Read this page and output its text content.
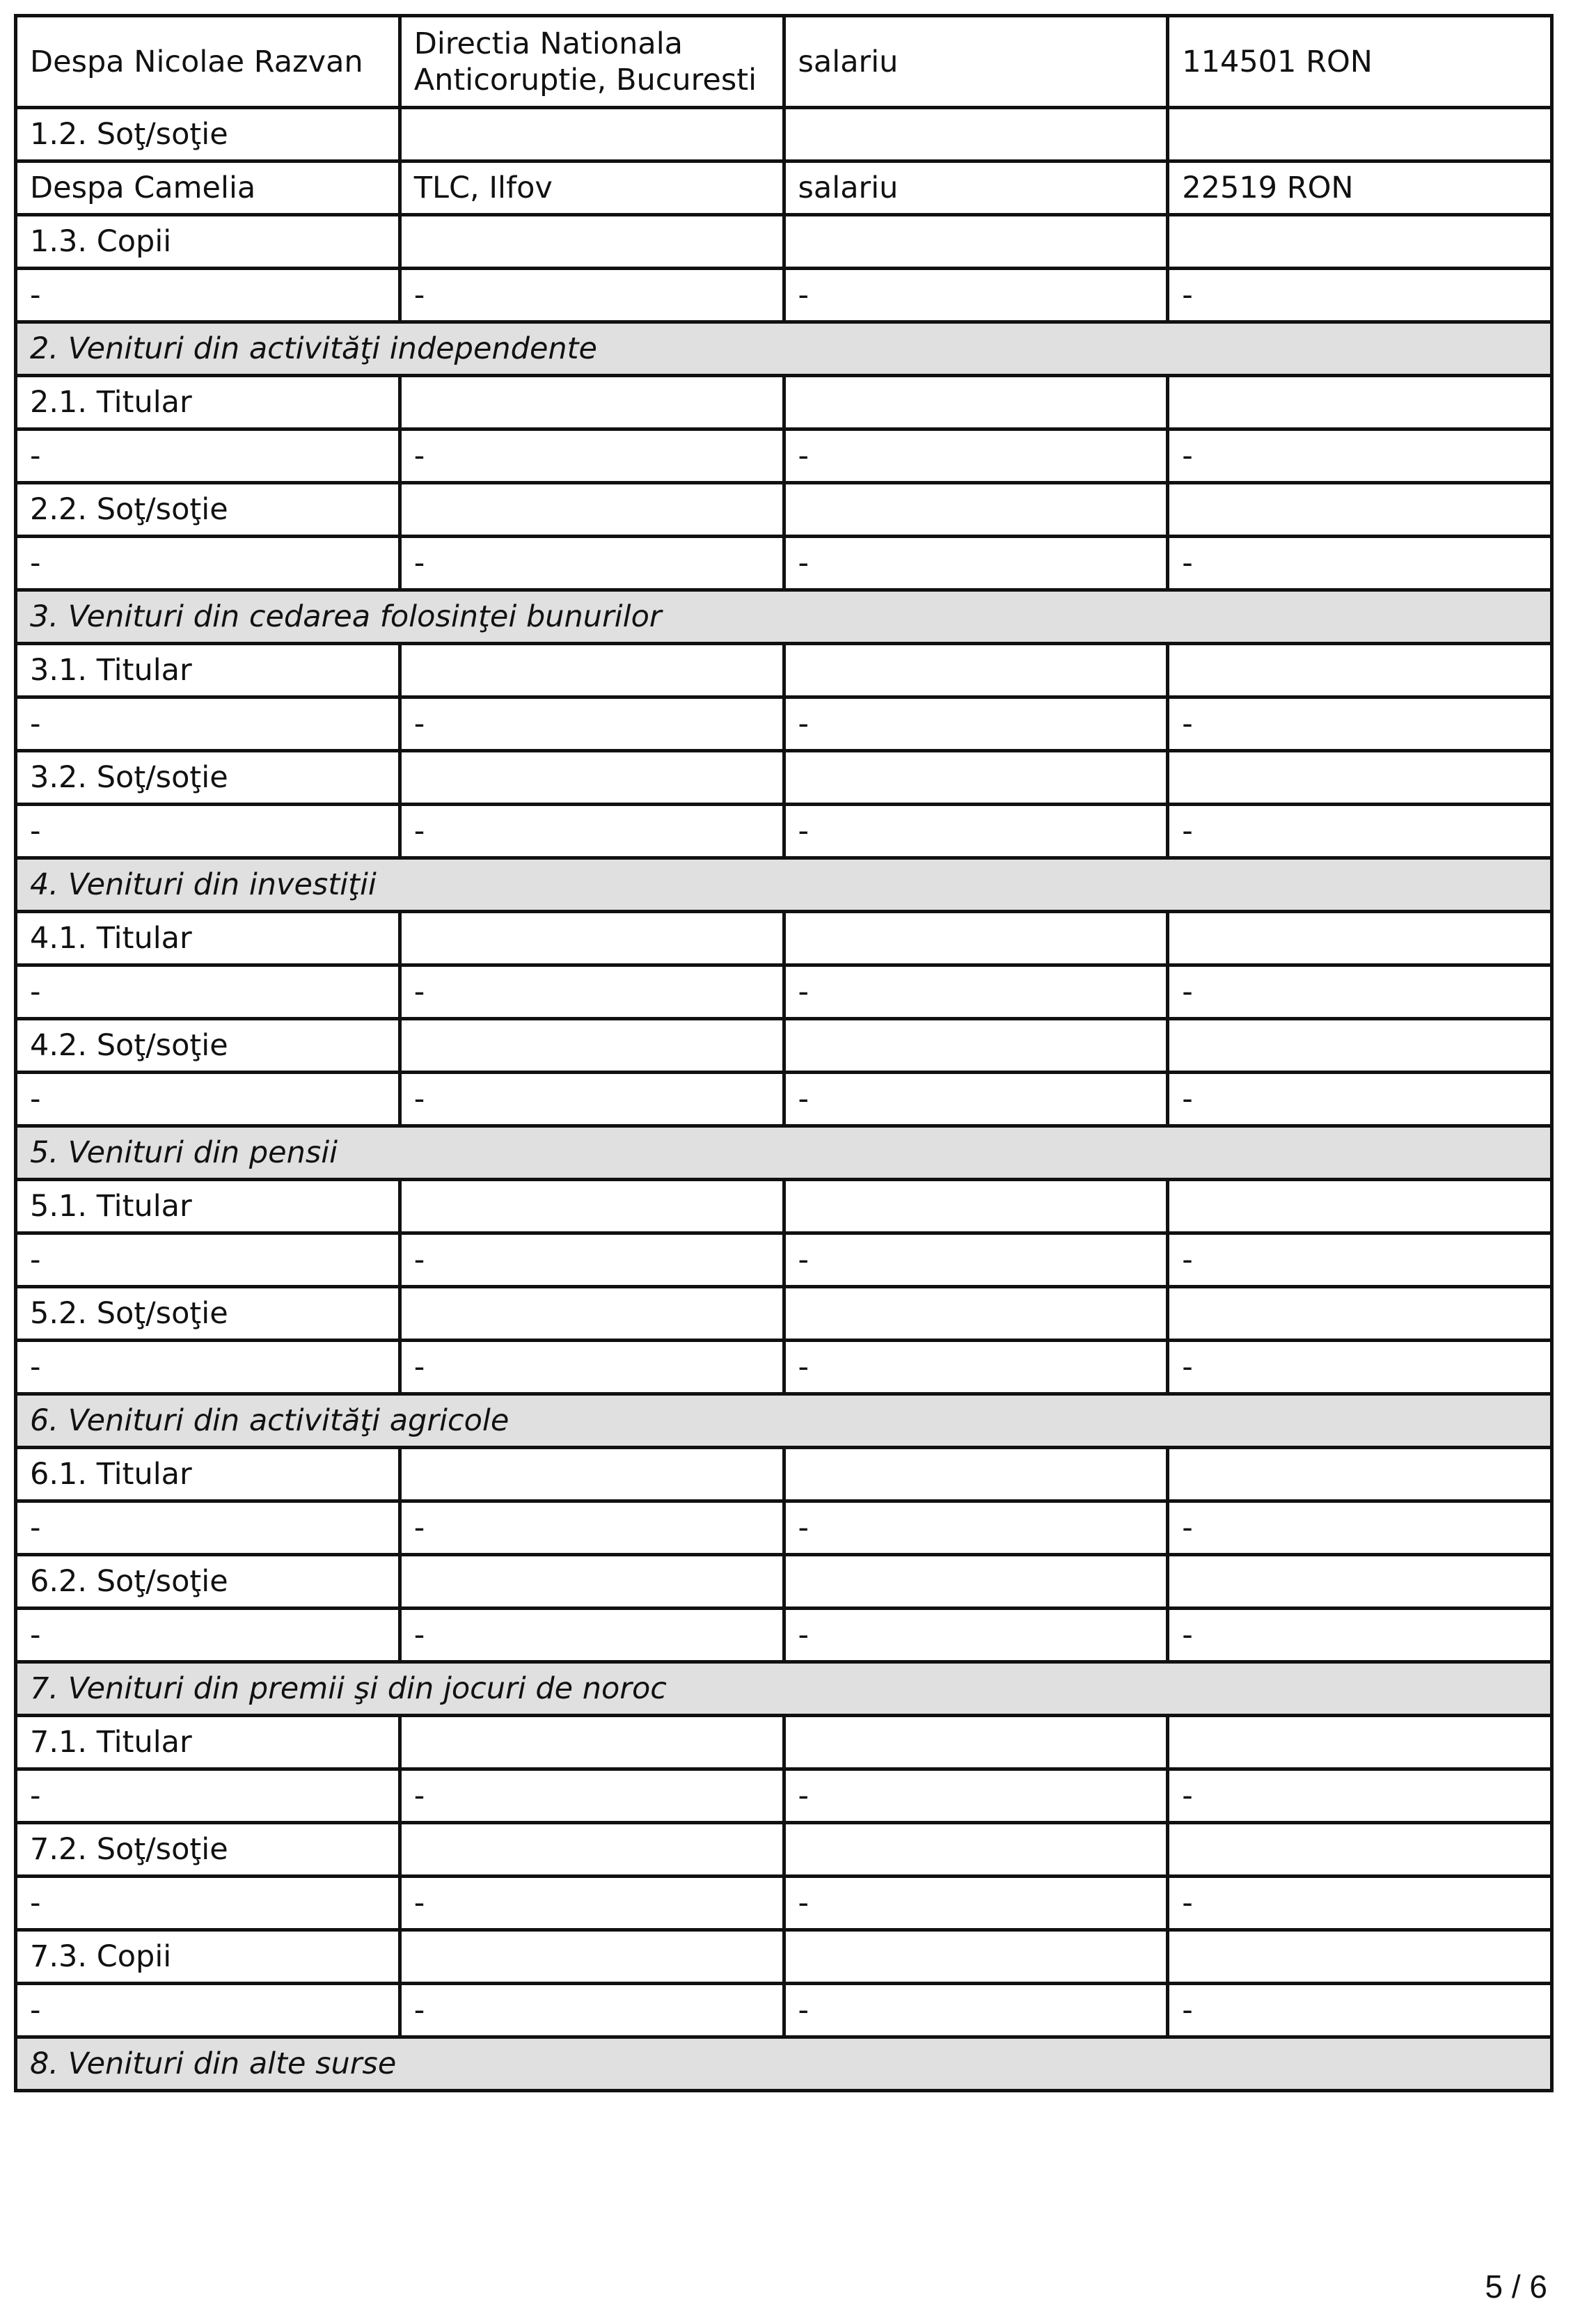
Despa Nicolae Razvan	Directia Nationala Anticoruptie, Bucuresti	salariu	114501 RON
1.2. Soţ/soţie			
Despa Camelia	TLC, Ilfov	salariu	22519 RON
1.3. Copii			
-	-	-	-
2. Venituri din activităţi independente			
2.1. Titular			
-	-	-	-
2.2. Soţ/soţie			
-	-	-	-
3. Venituri din cedarea folosinţei bunurilor			
3.1. Titular			
-	-	-	-
3.2. Soţ/soţie			
-	-	-	-
4. Venituri din investiţii			
4.1. Titular			
-	-	-	-
4.2. Soţ/soţie			
-	-	-	-
5. Venituri din pensii			
5.1. Titular			
-	-	-	-
5.2. Soţ/soţie			
-	-	-	-
6. Venituri din activităţi agricole			
6.1. Titular			
-	-	-	-
6.2. Soţ/soţie			
-	-	-	-
7. Venituri din premii şi din jocuri de noroc			
7.1. Titular			
-	-	-	-
7.2. Soţ/soţie			
-	-	-	-
7.3. Copii			
-	-	-	-
8. Venituri din alte surse			
5 / 6
